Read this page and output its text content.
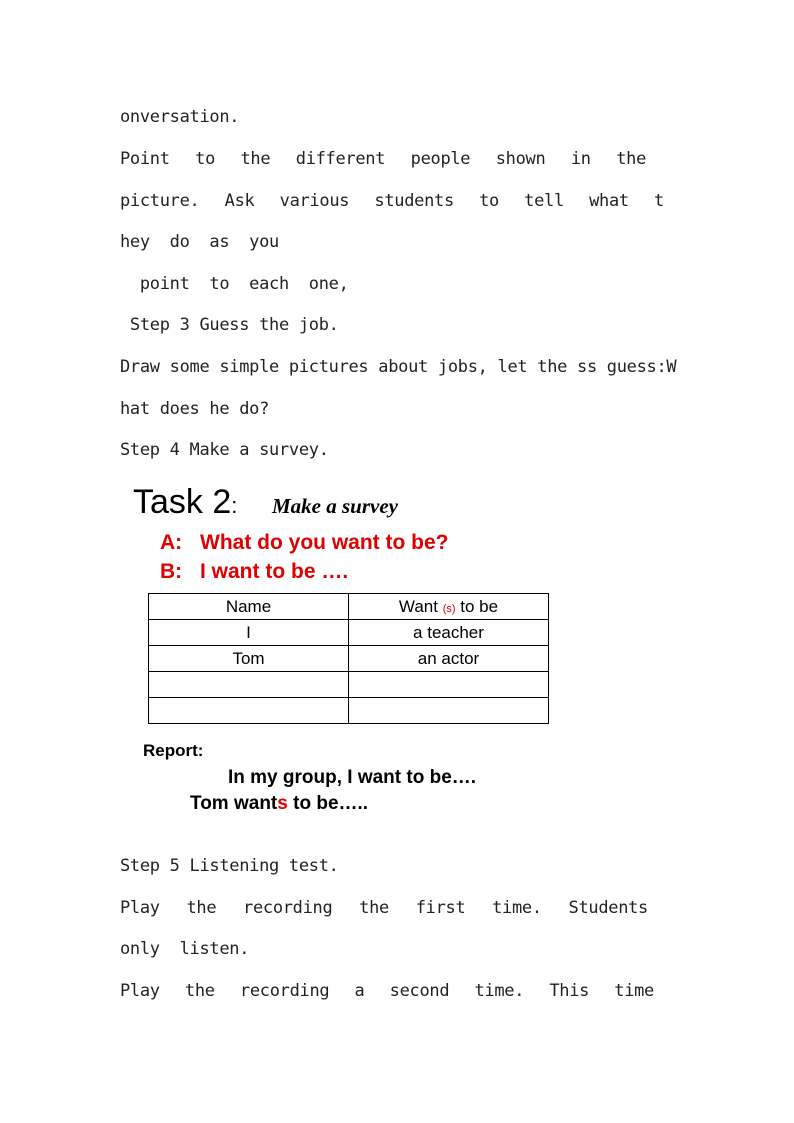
onversation.
Point to the different people shown in the
picture. Ask various students to tell what t
hey  do  as  you
point  to  each  one,
Step 3 Guess the job.
Draw some simple pictures about jobs, let the ss guess:W
hat does he do?
Step 4 Make a survey.
Task 2: Make a survey
A: What do you want to be?
B: I want to be ….
Name	Want (s) to be
I	a teacher
Tom	an actor

Report:
In my group, I want to be….
Tom wants to be…..
Step 5 Listening test.
Play the recording the first time. Students
only  listen.
Play the recording a second time. This time
